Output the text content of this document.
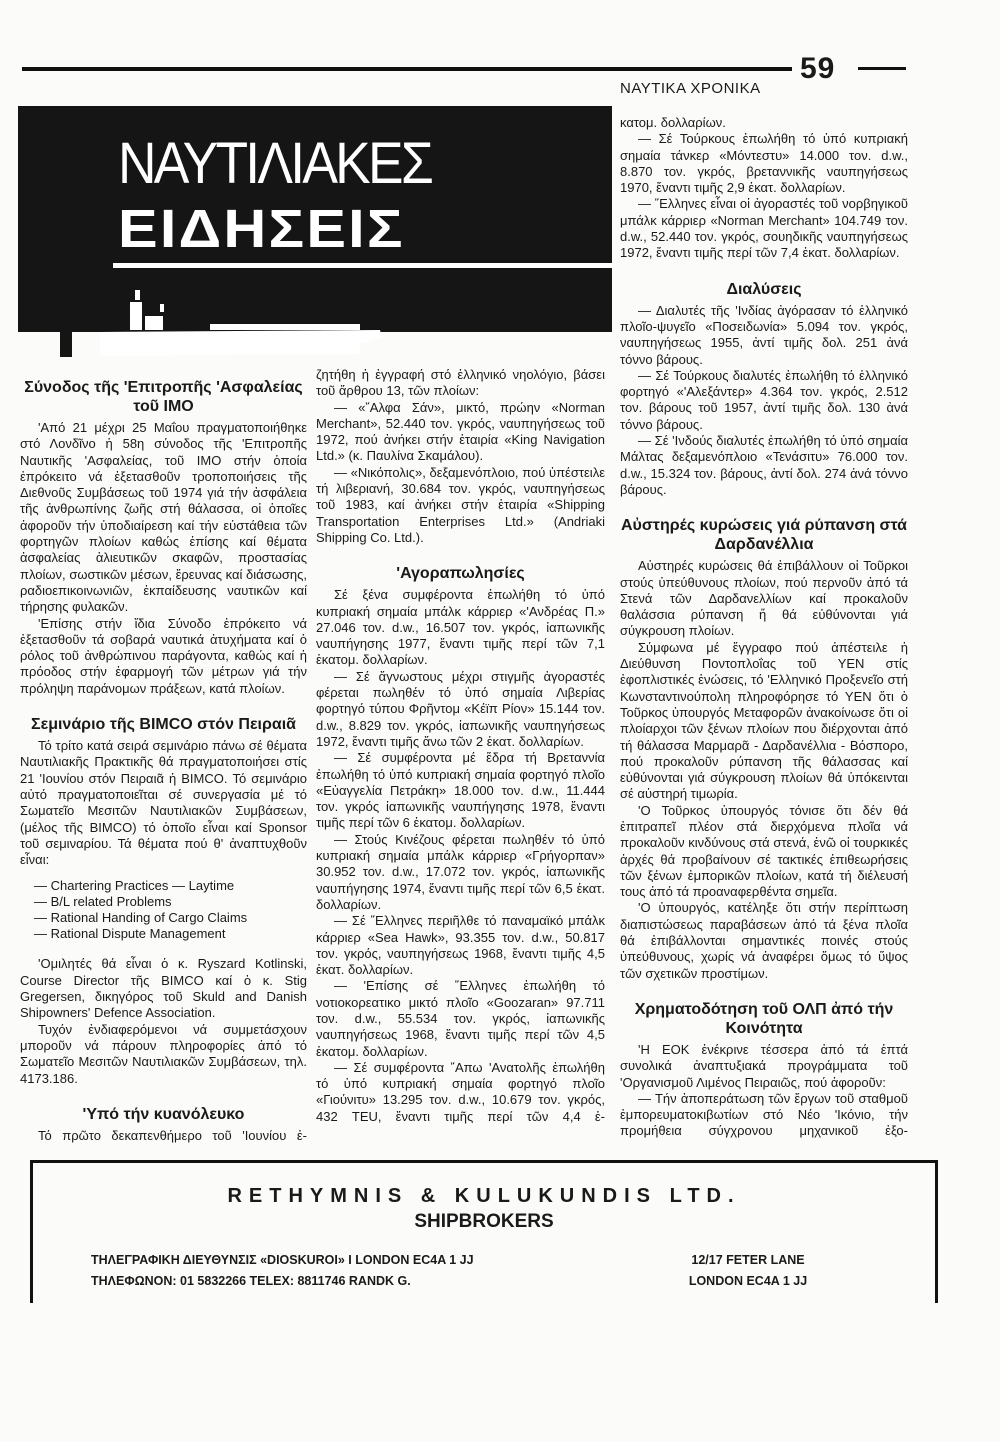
59
ΝΑΥΤΙΚΑ ΧΡΟΝΙΚΑ
ΝΑΥΤΙΛΙΑΚΕΣ
ΕΙΔΗΣΕΙΣ
Σύνοδος τῆς 'Επιτροπῆς 'Ασφαλείας τοῦ ΙΜΟ

'Από 21 μέχρι 25 Μαΐου πραγματοποιήθηκε στό Λονδῖνο ἡ 58η σύνοδος τῆς 'Επιτροπῆς Ναυτικῆς 'Ασφαλείας, τοῦ ΙΜΟ στήν ὁποία ἐπρόκειτο νά ἐξετασθοῦν τροποποιήσεις τῆς Διεθνοῦς Συμβάσεως τοῦ 1974 γιά τήν ἀσφάλεια τῆς ἀνθρωπίνης ζωῆς στή θάλασσα, οἱ ὁποῖες ἀφοροῦν τήν ὑποδιαίρεση καί τήν εὐστάθεια τῶν φορτηγῶν πλοίων καθώς ἐπίσης καί θέματα ἀσφαλείας ἁλιευτικῶν σκαφῶν, προστασίας πλοίων, σωστικῶν μέσων, ἔρευνας καί διάσωσης, ραδιοεπικοινωνιῶν, ἐκπαίδευσης ναυτικῶν καί τήρησης φυλακῶν.

'Επίσης στήν ἴδια Σύνοδο ἐπρόκειτο νά ἐξετασθοῦν τά σοβαρά ναυτικά ἀτυχήματα καί ὁ ρόλος τοῦ ἀνθρώπινου παράγοντα, καθώς καί ἡ πρόοδος στήν ἐφαρμογή τῶν μέτρων γιά τήν πρόληψη παράνομων πράξεων, κατά πλοίων.

Σεμινάριο τῆς BIMCO στόν Πειραιᾶ

Τό τρίτο κατά σειρά σεμινάριο πάνω σέ θέματα Ναυτιλιακῆς Πρακτικῆς θά πραγματοποιήσει στίς 21 'Ιουνίου στόν Πειραιᾶ ἡ BIMCO. Τό σεμινάριο αὐτό πραγματοποιεῖται σέ συνεργασία μέ τό Σωματεῖο Μεσιτῶν Ναυτιλιακῶν Συμβάσεων, (μέλος τῆς BIMCO) τό ὁποῖο εἶναι καί Sponsor τοῦ σεμιναρίου. Τά θέματα πού θ' ἀναπτυχθοῦν εἶναι:

— Chartering Practices — Laytime
— B/L related Problems
— Rational Handing of Cargo Claims
— Rational Dispute Management

'Ομιλητές θά εἶναι ὁ κ. Ryszard Kotlinski, Course Director τῆς BIMCO καί ὁ κ. Stig Gregersen, δικηγόρος τοῦ Skuld and Danish Shipowners' Defence Association.

Τυχόν ἐνδιαφερόμενοι νά συμμετάσχουν μποροῦν νά πάρουν πληροφορίες ἀπό τό Σωματεῖο Μεσιτῶν Ναυτιλιακῶν Συμβάσεων, τηλ. 4173.186.

'Υπό τήν κυανόλευκο

Τό πρῶτο δεκαπενθήμερο τοῦ 'Ιουνίου ἐ-

ζητήθη ἡ ἐγγραφή στό ἑλληνικό νηολόγιο, βάσει τοῦ ἄρθρου 13, τῶν πλοίων:

— «῎Αλφα Σάν», μικτό, πρώην «Norman Merchant», 52.440 τον. γκρός, ναυπηγήσεως τοῦ 1972, πού ἀνήκει στήν ἑταιρία «King Navigation Ltd.» (κ. Παυλίνα Σκαμάλου).

— «Νικόπολις», δεξαμενόπλοιο, πού ὑπέστειλε τή λιβεριανή, 30.684 τον. γκρός, ναυπηγήσεως τοῦ 1983, καί ἀνήκει στήν ἑταιρία «Shipping Transportation Enterprises Ltd.» (Andriaki Shipping Co. Ltd.).

'Αγοραπωλησίες

Σέ ξένα συμφέροντα ἐπωλήθη τό ὑπό κυπριακή σημαία μπάλκ κάρριερ «'Ανδρέας Π.» 27.046 τον. d.w., 16.507 τον. γκρός, ἰαπωνικῆς ναυπήγησης 1977, ἔναντι τιμῆς περί τῶν 7,1 ἑκατομ. δολλαρίων.

— Σέ ἄγνωστους μέχρι στιγμῆς ἀγοραστές φέρεται πωληθέν τό ὑπό σημαία Λιβερίας φορτηγό τύπου Φρῆντομ «Κέϊπ Ρίον» 15.144 τον. d.w., 8.829 τον. γκρός, ἰαπωνικῆς ναυπηγήσεως 1972, ἔναντι τιμῆς ἄνω τῶν 2 ἑκατ. δολλαρίων.

— Σέ συμφέροντα μέ ἕδρα τή Βρεταννία ἐπωλήθη τό ὑπό κυπριακή σημαία φορτηγό πλοῖο «Εὐαγγελία Πετράκη» 18.000 τον. d.w., 11.444 τον. γκρός ἰαπωνικῆς ναυπήγησης 1978, ἔναντι τιμῆς περί τῶν 6 ἑκατομ. δολλαρίων.

— Στούς Κινέζους φέρεται πωληθέν τό ὑπό κυπριακή σημαία μπάλκ κάρριερ «Γρήγορπαν» 30.952 τον. d.w., 17.072 τον. γκρός, ἰαπωνικῆς ναυπήγησης 1974, ἔναντι τιμῆς περί τῶν 6,5 ἑκατ. δολλαρίων.

— Σέ ῞Ελληνες περιῆλθε τό παναμαϊκό μπάλκ κάρριερ «Sea Hawk», 93.355 τον. d.w., 50.817 τον. γκρός, ναυπηγήσεως 1968, ἔναντι τιμῆς 4,5 ἑκατ. δολλαρίων.

— 'Επίσης σέ ῞Ελληνες ἐπωλήθη τό νοτιοκορεατικο μικτό πλοῖο «Goozaran» 97.711 τον. d.w., 55.534 τον. γκρός, ἰαπωνικῆς ναυπηγήσεως 1968, ἔναντι τιμῆς περί τῶν 4,5 ἑκατομ. δολλαρίων.

— Σέ συμφέροντα ῎Απω 'Ανατολῆς ἐπωλήθη τό ὑπό κυπριακή σημαία φορτηγό πλοῖο «Γιούνιτυ» 13.295 τον. d.w., 10.679 τον. γκρός, 432 TEU, ἔναντι τιμῆς περί τῶν 4,4 ἑ-

κατομ. δολλαρίων.

— Σέ Τούρκους ἐπωλήθη τό ὑπό κυπριακή σημαία τάνκερ «Μόντεστυ» 14.000 τον. d.w., 8.870 τον. γκρός, βρεταννικῆς ναυπηγήσεως 1970, ἔναντι τιμῆς 2,9 ἑκατ. δολλαρίων.

— ῞Ελληνες εἶναι οἱ ἀγοραστές τοῦ νορβηγικοῦ μπάλκ κάρριερ «Norman Merchant» 104.749 τον. d.w., 52.440 τον. γκρός, σουηδικῆς ναυπηγήσεως 1972, ἔναντι τιμῆς περί τῶν 7,4 ἑκατ. δολλαρίων.

Διαλύσεις

— Διαλυτές τῆς 'Ινδίας ἀγόρασαν τό ἑλληνικό πλοῖο-ψυγεῖο «Ποσειδωνία» 5.094 τον. γκρός, ναυπηγήσεως 1955, ἀντί τιμῆς δολ. 251 ἀνά τόννο βάρους.

— Σέ Τούρκους διαλυτές ἐπωλήθη τό ἑλληνικό φορτηγό «'Αλεξάντερ» 4.364 τον. γκρός, 2.512 τον. βάρους τοῦ 1957, ἀντί τιμῆς δολ. 130 ἀνά τόννο βάρους.

— Σέ 'Ινδούς διαλυτές ἐπωλήθη τό ὑπό σημαία Μάλτας δεξαμενόπλοιο «Τενάσιτυ» 76.000 τον. d.w., 15.324 τον. βάρους, ἀντί δολ. 274 ἀνά τόννο βάρους.

Αὐστηρές κυρώσεις γιά ρύπανση στά Δαρδανέλλια

Αὐστηρές κυρώσεις θά ἐπιβάλλουν οἱ Τοῦρκοι στούς ὑπεύθυνους πλοίων, πού περνοῦν ἀπό τά Στενά τῶν Δαρδανελλίων καί προκαλοῦν θαλάσσια ρύπανση ἤ θά εὐθύνονται γιά σύγκρουση πλοίων.

Σύμφωνα μέ ἔγγραφο πού ἀπέστειλε ἡ Διεύθυνση Ποντοπλοΐας τοῦ ΥΕΝ στίς ἐφοπλιστικές ἑνώσεις, τό 'Ελληνικό Προξενεῖο στή Κωνσταντινούπολη πληροφόρησε τό ΥΕΝ ὅτι ὁ Τοῦρκος ὑπουργός Μεταφορῶν ἀνακοίνωσε ὅτι οἱ πλοίαρχοι τῶν ξένων πλοίων που διέρχονται ἀπό τή θάλασσα Μαρμαρᾶ - Δαρδανέλλια - Βόσπορο, πού προκαλοῦν ρύπανση τῆς θάλασσας καί εὐθύνονται γιά σύγκρουση πλοίων θά ὑπόκεινται σέ αὐστηρή τιμωρία.

'Ο Τοῦρκος ὑπουργός τόνισε ὅτι δέν θά ἐπιτραπεῖ πλέον στά διερχόμενα πλοῖα νά προκαλοῦν κινδύνους στά στενά, ἐνῶ οἱ τουρκικές ἀρχές θά προβαίνουν σέ τακτικές ἐπιθεωρήσεις τῶν ξένων ἐμπορικῶν πλοίων, κατά τή διέλευσή τους ἀπό τά προαναφερθέντα σημεῖα.

'Ο ὑπουργός, κατέληξε ὅτι στήν περίπτωση διαπιστώσεως παραβάσεων ἀπό τά ξένα πλοῖα θά ἐπιβάλλονται σημαντικές ποινές στούς ὑπεύθυνους, χωρίς νά ἀναφέρει ὅμως τό ὕψος τῶν σχετικῶν προστίμων.

Χρηματοδότηση τοῦ ΟΛΠ ἀπό τήν Κοινότητα

'Η ΕΟΚ ἐνέκρινε τέσσερα ἀπό τά ἑπτά συνολικά ἀναπτυξιακά προγράμματα τοῦ 'Οργανισμοῦ Λιμένος Πειραιῶς, πού ἀφοροῦν:

— Τήν ἀποπεράτωση τῶν ἔργων τοῦ σταθμοῦ ἐμπορευματοκιβωτίων στό Νέο 'Ικόνιο, τήν προμήθεια σύγχρονου μηχανικοῦ ἐξο-

RETHYMNIS & KULUKUNDIS LTD.
SHIPBROKERS
ΤΗΛΕΓΡΑΦΙΚΗ ΔΙΕΥΘΥΝΣΙΣ «DIOSKUROI» I LONDON EC4A 1 JJ
ΤΗΛΕΦΩΝΟΝ: 01 5832266 TELEX: 8811746 RANDK G.
12/17 FETER LANE
LONDON EC4A 1 JJ
